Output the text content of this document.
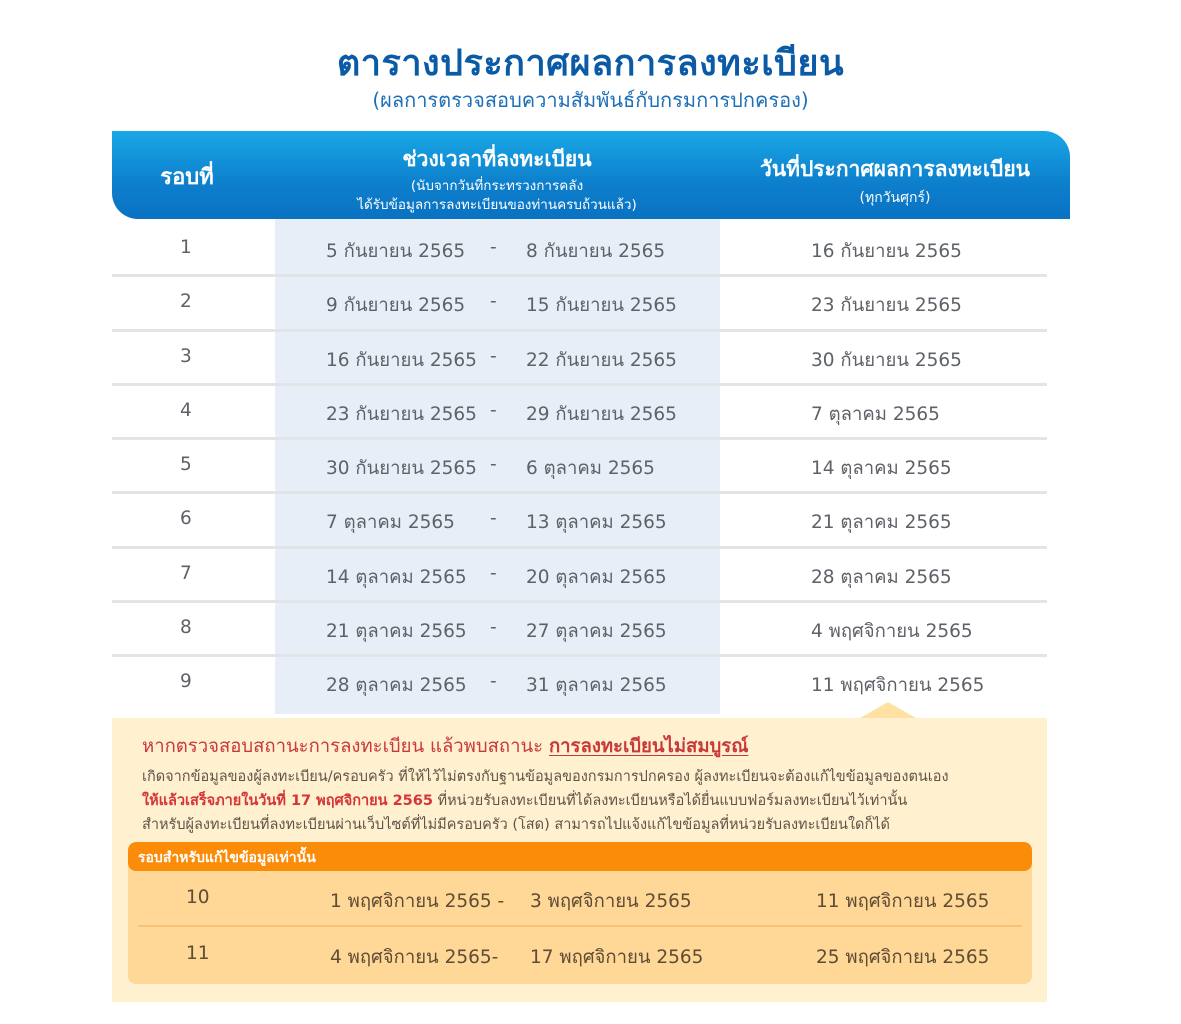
ตารางประกาศผลการลงทะเบียน
(ผลการตรวจสอบความสัมพันธ์กับกรมการปกครอง)
รอบที่
ช่วงเวลาที่ลงทะเบียน
(นับจากวันที่กระทรวงการคลัง
ได้รับข้อมูลการลงทะเบียนของท่านครบถ้วนแล้ว)
วันที่ประกาศผลการลงทะเบียน
(ทุกวันศุกร์)
1	5 กันยายน 2565 - 8 กันยายน 2565	16 กันยายน 2565
2	9 กันยายน 2565 - 15 กันยายน 2565	23 กันยายน 2565
3	16 กันยายน 2565 - 22 กันยายน 2565	30 กันยายน 2565
4	23 กันยายน 2565 - 29 กันยายน 2565	7 ตุลาคม 2565
5	30 กันยายน 2565 - 6 ตุลาคม 2565	14 ตุลาคม 2565
6	7 ตุลาคม 2565 - 13 ตุลาคม 2565	21 ตุลาคม 2565
7	14 ตุลาคม 2565 - 20 ตุลาคม 2565	28 ตุลาคม 2565
8	21 ตุลาคม 2565 - 27 ตุลาคม 2565	4 พฤศจิกายน 2565
9	28 ตุลาคม 2565 - 31 ตุลาคม 2565	11 พฤศจิกายน 2565
หากตรวจสอบสถานะการลงทะเบียน แล้วพบสถานะ การลงทะเบียนไม่สมบูรณ์
เกิดจากข้อมูลของผู้ลงทะเบียน/ครอบครัว ที่ให้ไว้ไม่ตรงกับฐานข้อมูลของกรมการปกครอง ผู้ลงทะเบียนจะต้องแก้ไขข้อมูลของตนเอง
ให้แล้วเสร็จภายในวันที่ 17 พฤศจิกายน 2565 ที่หน่วยรับลงทะเบียนที่ได้ลงทะเบียนหรือได้ยื่นแบบฟอร์มลงทะเบียนไว้เท่านั้น
สำหรับผู้ลงทะเบียนที่ลงทะเบียนผ่านเว็บไซต์ที่ไม่มีครอบครัว (โสด) สามารถไปแจ้งแก้ไขข้อมูลที่หน่วยรับลงทะเบียนใดก็ได้
รอบสำหรับแก้ไขข้อมูลเท่านั้น
10	1 พฤศจิกายน 2565 - 3 พฤศจิกายน 2565	11 พฤศจิกายน 2565
11	4 พฤศจิกายน 2565- 17 พฤศจิกายน 2565	25 พฤศจิกายน 2565
